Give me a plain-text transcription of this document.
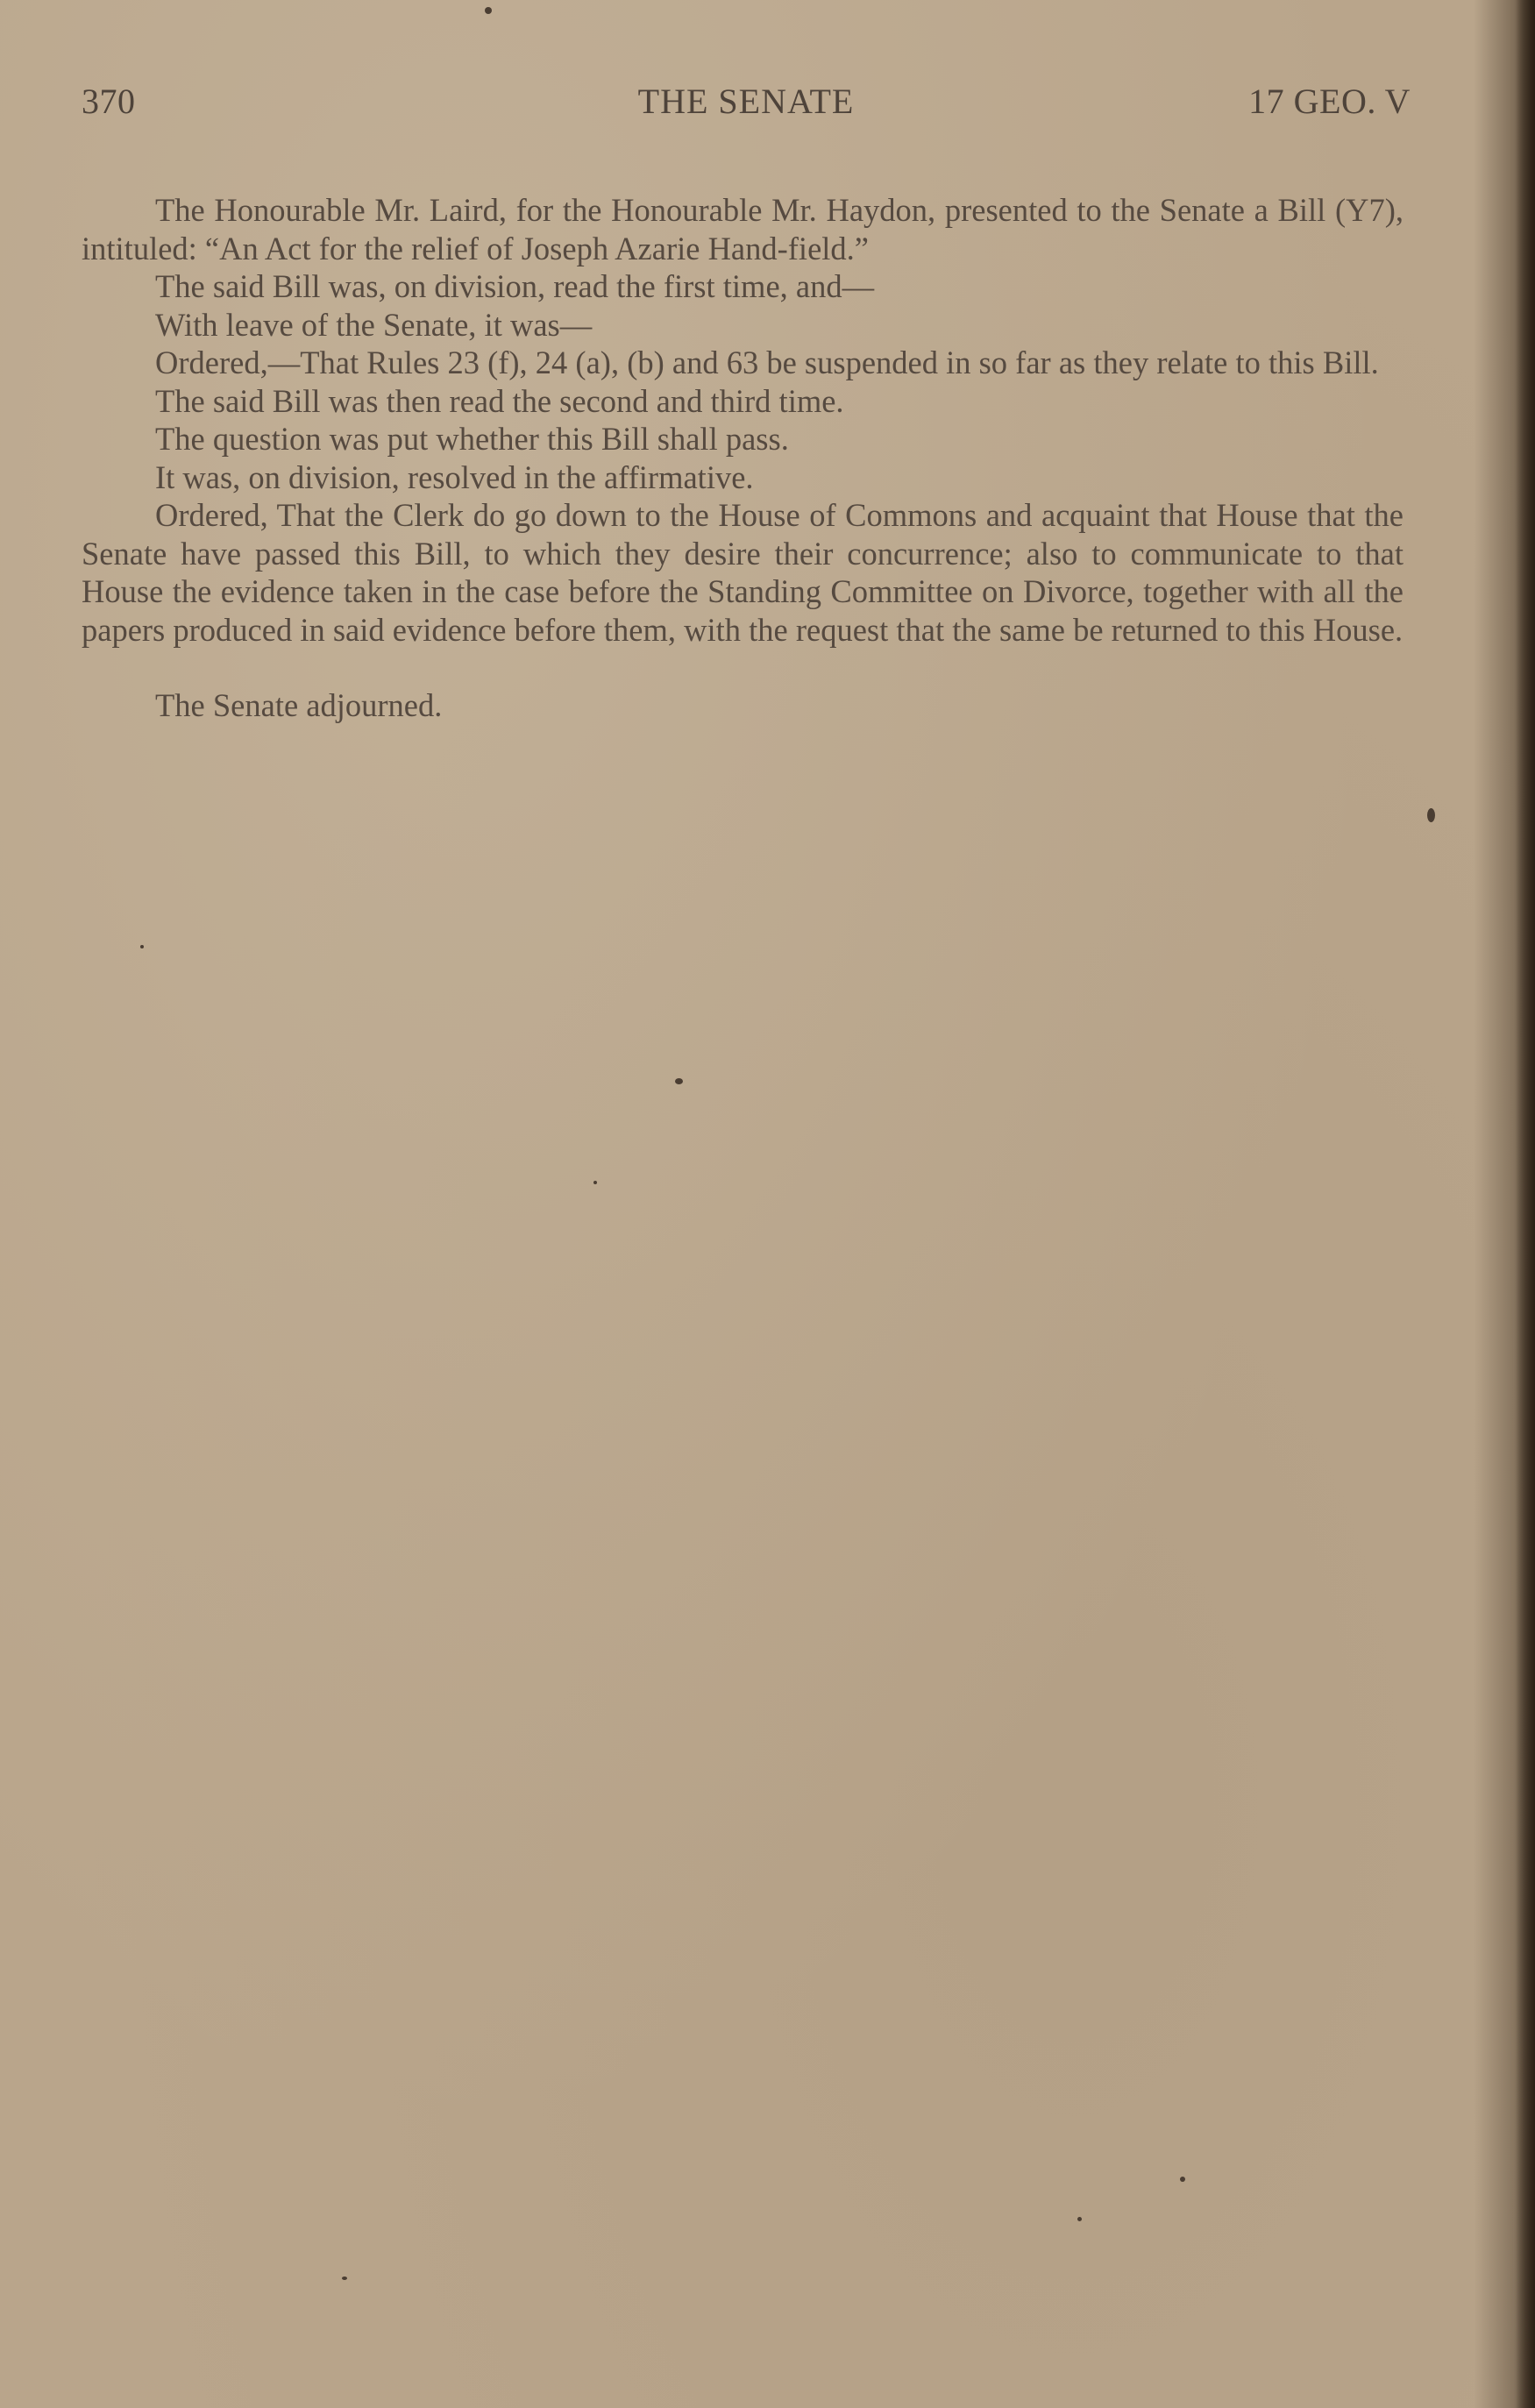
370	THE SENATE	17 GEO. V

The Honourable Mr. Laird, for the Honourable Mr. Haydon, presented to the Senate a Bill (Y7), intituled: “An Act for the relief of Joseph Azarie Hand-field.”

The said Bill was, on division, read the first time, and—

With leave of the Senate, it was—

Ordered,—That Rules 23 (f), 24 (a), (b) and 63 be suspended in so far as they relate to this Bill.

The said Bill was then read the second and third time.

The question was put whether this Bill shall pass.

It was, on division, resolved in the affirmative.

Ordered, That the Clerk do go down to the House of Commons and acquaint that House that the Senate have passed this Bill, to which they desire their concurrence; also to communicate to that House the evidence taken in the case before the Standing Committee on Divorce, together with all the papers produced in said evidence before them, with the request that the same be returned to this House.

The Senate adjourned.
